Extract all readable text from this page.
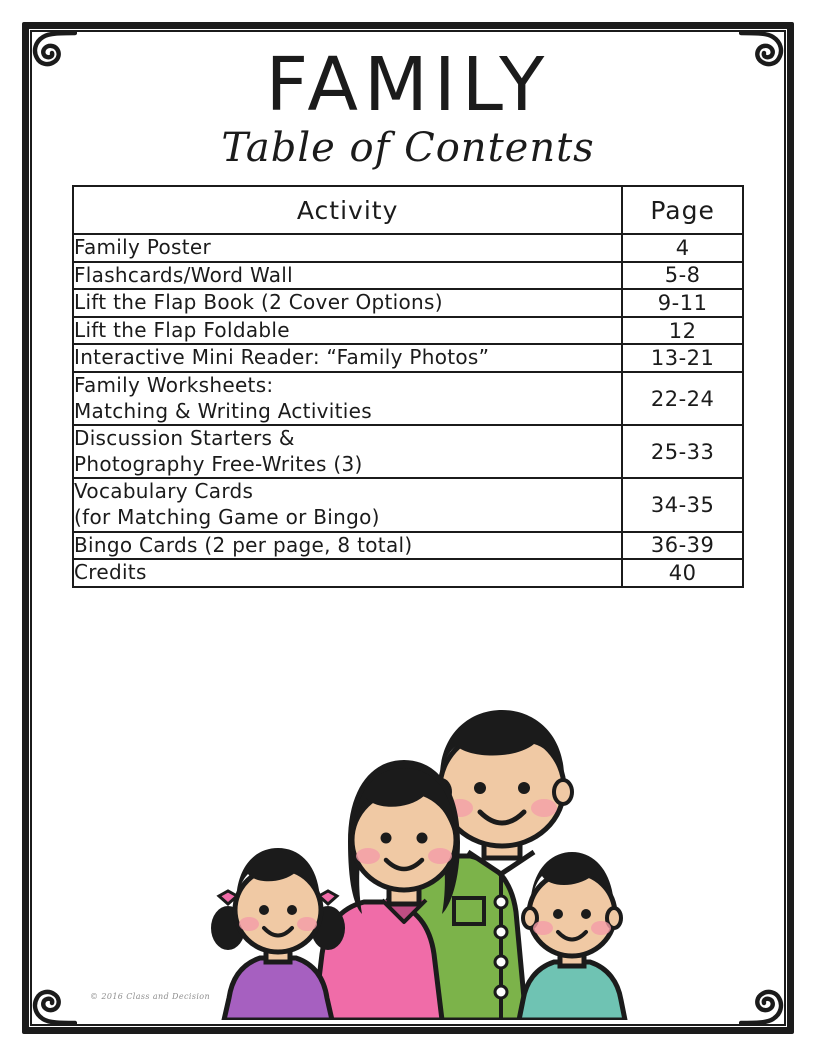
FAMILY
Table of Contents
Activity	Page
Family Poster	4
Flashcards/Word Wall	5-8
Lift the Flap Book (2 Cover Options)	9-11
Lift the Flap Foldable	12
Interactive Mini Reader: “Family Photos”	13-21
Family Worksheets:
Matching & Writing Activities	22-24
Discussion Starters &
Photography Free-Writes (3)	25-33
Vocabulary Cards
(for Matching Game or Bingo)	34-35
Bingo Cards (2 per page, 8 total)	36-39
Credits	40
© 2016 Class and Decision
